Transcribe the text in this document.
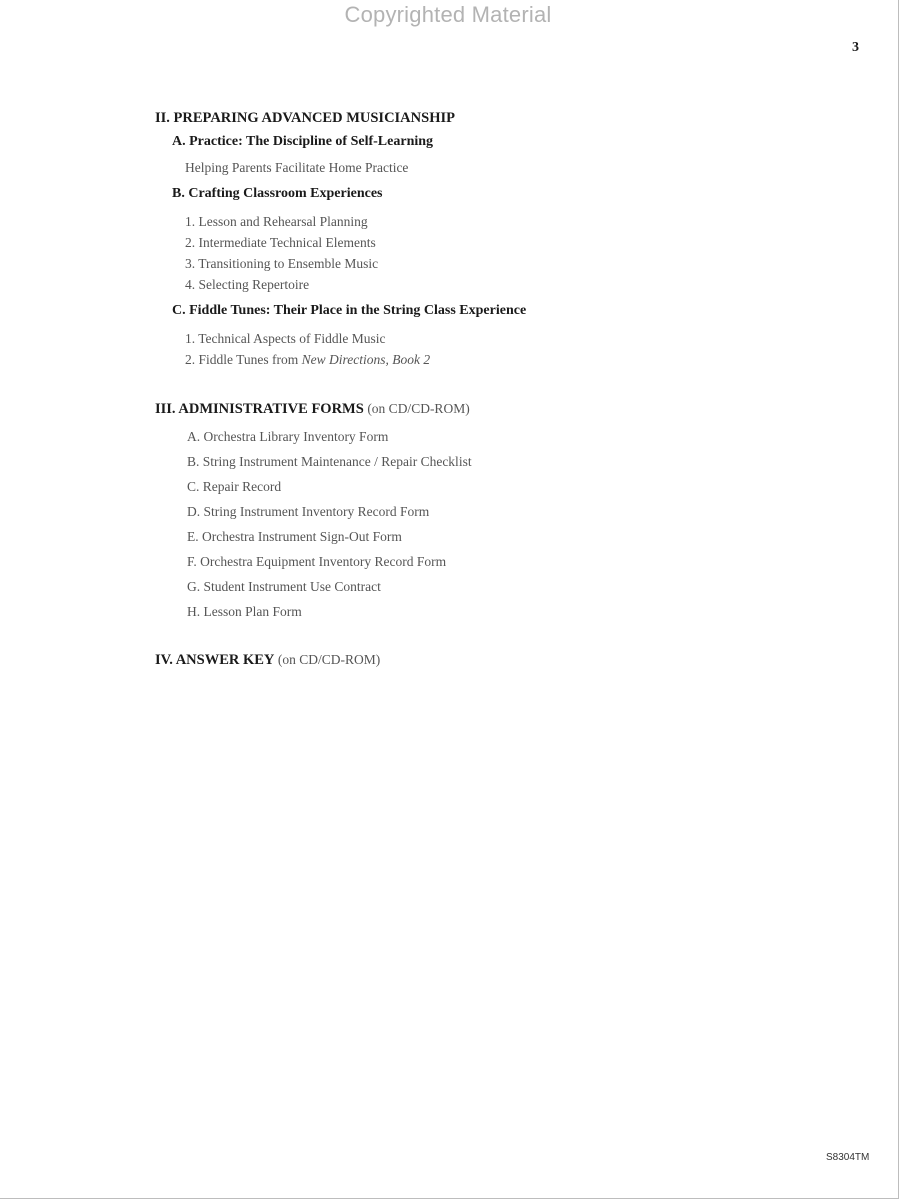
Copyrighted Material
3
II. PREPARING ADVANCED MUSICIANSHIP
A. Practice: The Discipline of Self-Learning
Helping Parents Facilitate Home Practice
B. Crafting Classroom Experiences
1. Lesson and Rehearsal Planning
2. Intermediate Technical Elements
3. Transitioning to Ensemble Music
4. Selecting Repertoire
C. Fiddle Tunes: Their Place in the String Class Experience
1. Technical Aspects of Fiddle Music
2. Fiddle Tunes from New Directions, Book 2
III. ADMINISTRATIVE FORMS (on CD/CD-ROM)
A. Orchestra Library Inventory Form
B. String Instrument Maintenance / Repair Checklist
C. Repair Record
D. String Instrument Inventory Record Form
E. Orchestra Instrument Sign-Out Form
F. Orchestra Equipment Inventory Record Form
G. Student Instrument Use Contract
H. Lesson Plan Form
IV. ANSWER KEY (on CD/CD-ROM)
S8304TM
